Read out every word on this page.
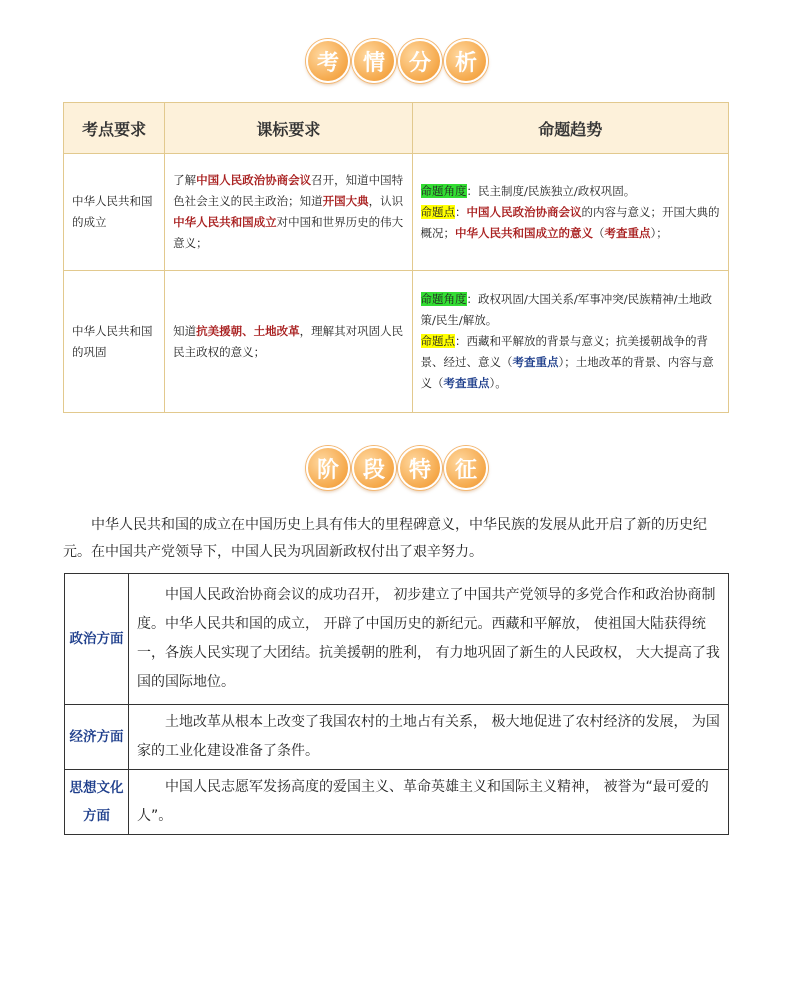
考	情	分	析
考点要求	课标要求	命题趋势
中华人民共和国的成立	了解中国人民政治协商会议召开，知道中国特色社会主义的民主政治；知道开国大典，认识中华人民共和国成立对中国和世界历史的伟大意义；	命题角度：民主制度/民族独立/政权巩固。
命题点：中国人民政治协商会议的内容与意义；开国大典的概况；中华人民共和国成立的意义（考查重点）；

中华人民共和国的巩固	知道抗美援朝、土地改革，理解其对巩固人民民主政权的意义；	命题角度：政权巩固/大国关系/军事冲突/民族精神/土地政策/民生/解放。
命题点：西藏和平解放的背景与意义；抗美援朝战争的背景、经过、意义（考查重点）；土地改革的背景、内容与意义（考查重点）。
阶	段	特	征
中华人民共和国的成立在中国历史上具有伟大的里程碑意义，中华民族的发展从此开启了新的历史纪元。在中国共产党领导下，中国人民为巩固新政权付出了艰辛努力。
政治方面	中国人民政治协商会议的成功召开， 初步建立了中国共产党领导的多党合作和政治协商制度。中华人民共和国的成立， 开辟了中国历史的新纪元。西藏和平解放， 使祖国大陆获得统一，各族人民实现了大团结。抗美援朝的胜利， 有力地巩固了新生的人民政权， 大大提高了我国的国际地位。
经济方面	土地改革从根本上改变了我国农村的土地占有关系， 极大地促进了农村经济的发展， 为国家的工业化建设准备了条件。
思想文化方面	中国人民志愿军发扬高度的爱国主义、革命英雄主义和国际主义精神， 被誉为“最可爱的人”。
